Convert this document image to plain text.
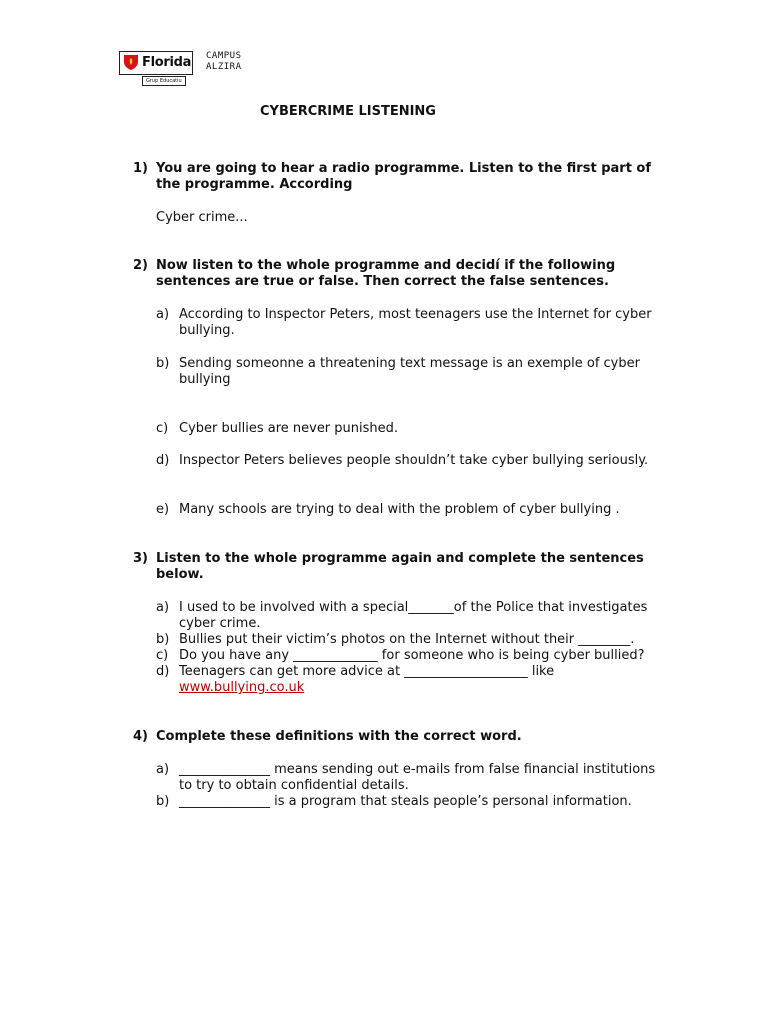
Florida
Grup Educatiu
CAMPUS
ALZIRA
CYBERCRIME LISTENING
1) You are going to hear a radio programme. Listen to the first part of the programme. According
Cyber crime...
2) Now listen to the whole programme and decidí if the following sentences are true or false. Then correct the false sentences.
a) According to Inspector Peters, most teenagers use the Internet for cyber bullying.
b) Sending someonne a threatening text message is an exemple of cyber bullying
c) Cyber bullies are never punished.
d) Inspector Peters believes people shouldn’t take cyber bullying seriously.
e) Many schools are trying to deal with the problem of cyber bullying .
3) Listen to the whole programme again and complete the sentences below.
a) I used to be involved with a special_______of the Police that investigates cyber crime.
b) Bullies put their victim’s photos on the Internet without their ________.
c) Do you have any _____________ for someone who is being cyber bullied?
d) Teenagers can get more advice at ___________________ like
www.bullying.co.uk
4) Complete these definitions with the correct word.
a) ______________ means sending out e-mails from false financial institutions to try to obtain confidential details.
b) ______________ is a program that steals people’s personal information.
